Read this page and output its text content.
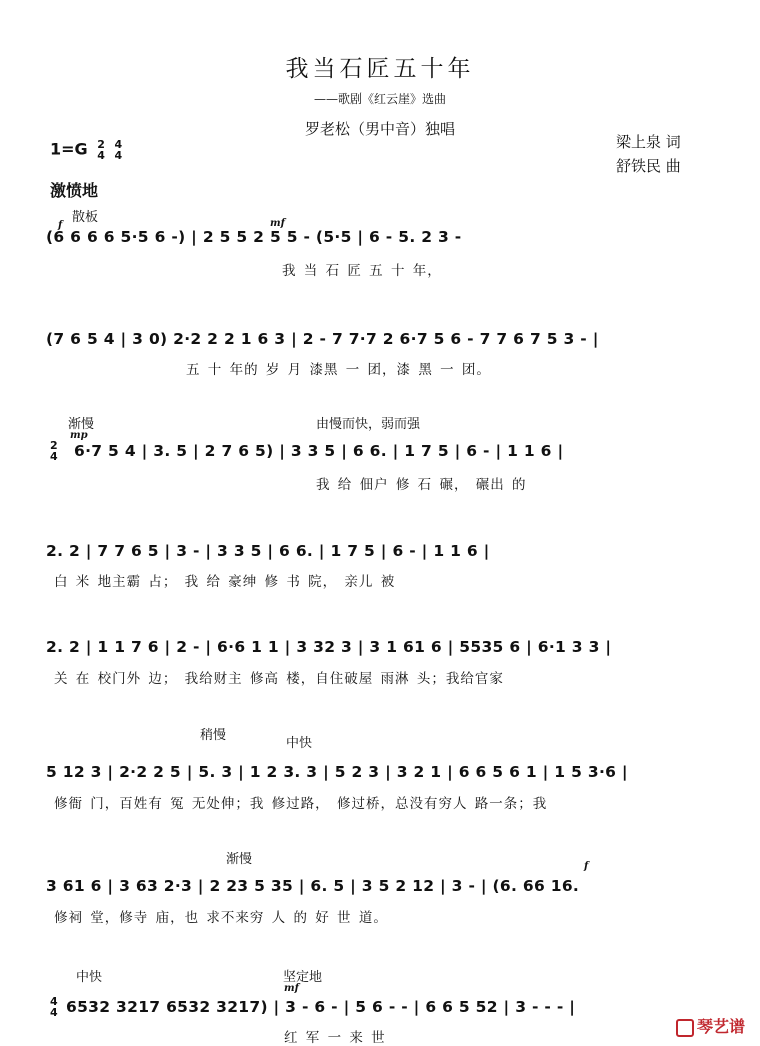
我当石匠五十年
——歌剧《红云崖》选曲
罗老松（男中音）独唱
梁上泉 词
舒铁民 曲
1=G 2
4 4
4
激愤地
散板
f	mf
(6 6 6 6 5·5 6 -) | 2 5 5 2 5 5 - (5·5 | 6 - 5. 2 3 -
我 当 石 匠 五 十 年，
(7 6 5 4 | 3 0) 2·2 2 2 1 6 3 | 2 - 7 7·7 2 6·7 5 6 - 7 7 6 7 5 3 - |
五 十 年的 岁 月 漆黑 一 团，漆 黑 一 团。
渐慢	由慢而快，弱而强
mp
2
4 6·7 5 4 | 3. 5 | 2 7 6 5) | 3 3 5 | 6 6. | 1 7 5 | 6 - | 1 1 6 |
我 给 佃户 修 石 碾， 碾出 的
2. 2 | 7 7 6 5 | 3 - | 3 3 5 | 6 6. | 1 7 5 | 6 - | 1 1 6 |
白 米 地主霸 占； 我 给 豪绅 修 书 院， 亲儿 被
2. 2 | 1 1 7 6 | 2 - | 6·6 1 1 | 3 32 3 | 3 1 61 6 | 5535 6 | 6·1 3 3 |
关 在 校门外 边； 我给财主 修高 楼，自住破屋 雨淋 头；我给官家
稍慢
中快
5 12 3 | 2·2 2 5 | 5. 3 | 1 2 3. 3 | 5 2 3 | 3 2 1 | 6 6 5 6 1 | 1 5 3·6 |
修衙 门，百姓有 冤 无处伸；我 修过路， 修过桥，总没有穷人 路一条；我
渐慢	f
3 61 6 | 3 63 2·3 | 2 23 5 35 | 6. 5 | 3 5 2 12 | 3 - | (6. 66 16.
修祠 堂，修寺 庙，也 求不来穷 人 的 好 世 道。
中快	坚定地
mf
4
4 6532 3217 6532 3217) | 3 - 6 - | 5 6 - - | 6 6 5 52 | 3 - - - |
红 军 一 来 世
琴艺谱
